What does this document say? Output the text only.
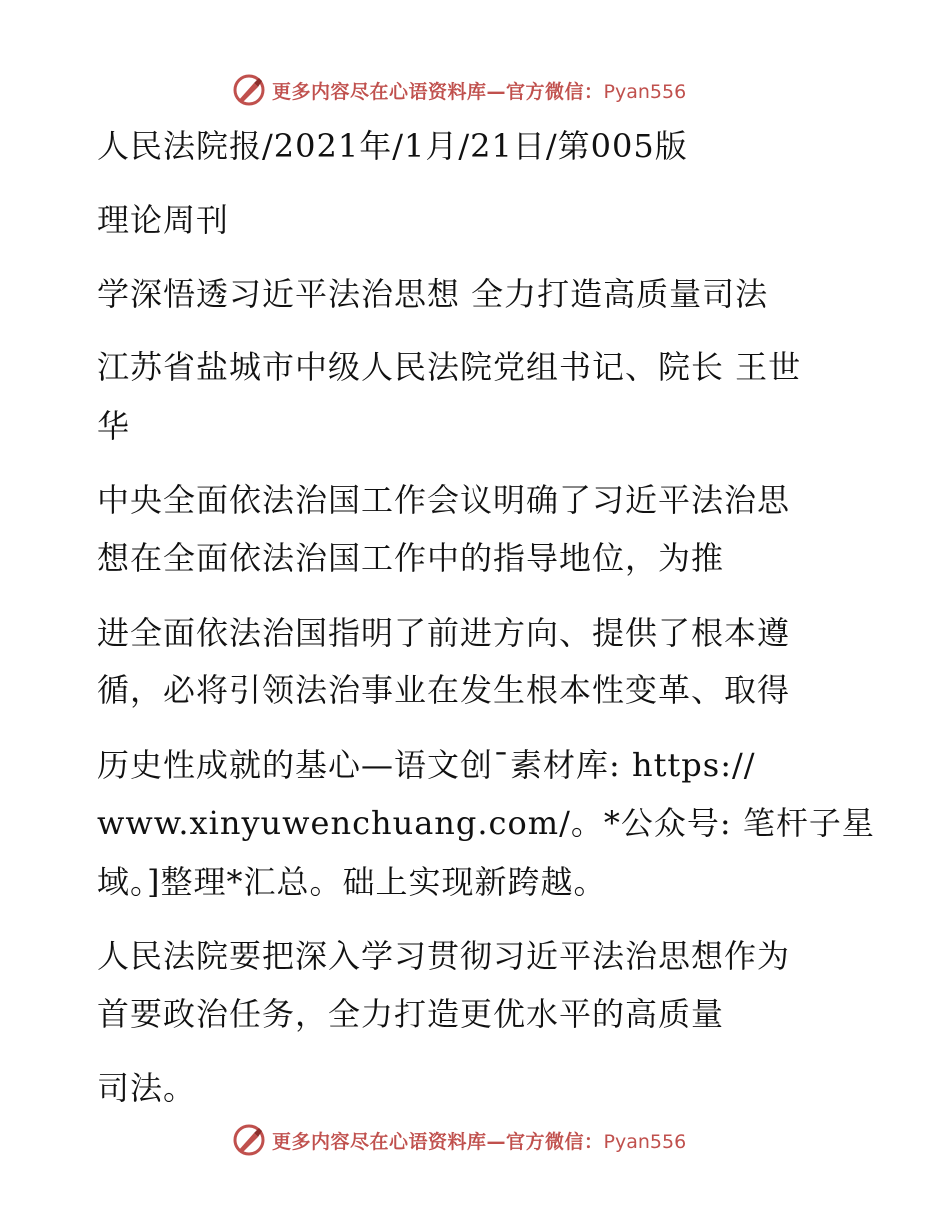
更多内容尽在心语资料库—官方微信：Pyan556
人民法院报/2021年/1月/21日/第005版
理论周刊
学深悟透习近平法治思想 全力打造高质量司法
江苏省盐城市中级人民法院党组书记、院长 王世
华
中央全面依法治国工作会议明确了习近平法治思
想在全面依法治国工作中的指导地位，为推
进全面依法治国指明了前进方向、提供了根本遵
循，必将引领法治事业在发生根本性变革、取得
历史性成就的基心—语文创¯素材库: https://
www.xinyuwenchuang.com/。*公众号: 笔杆子星
域。]整理*汇总。础上实现新跨越。
人民法院要把深入学习贯彻习近平法治思想作为
首要政治任务，全力打造更优水平的高质量
司法。
更多内容尽在心语资料库—官方微信：Pyan556
